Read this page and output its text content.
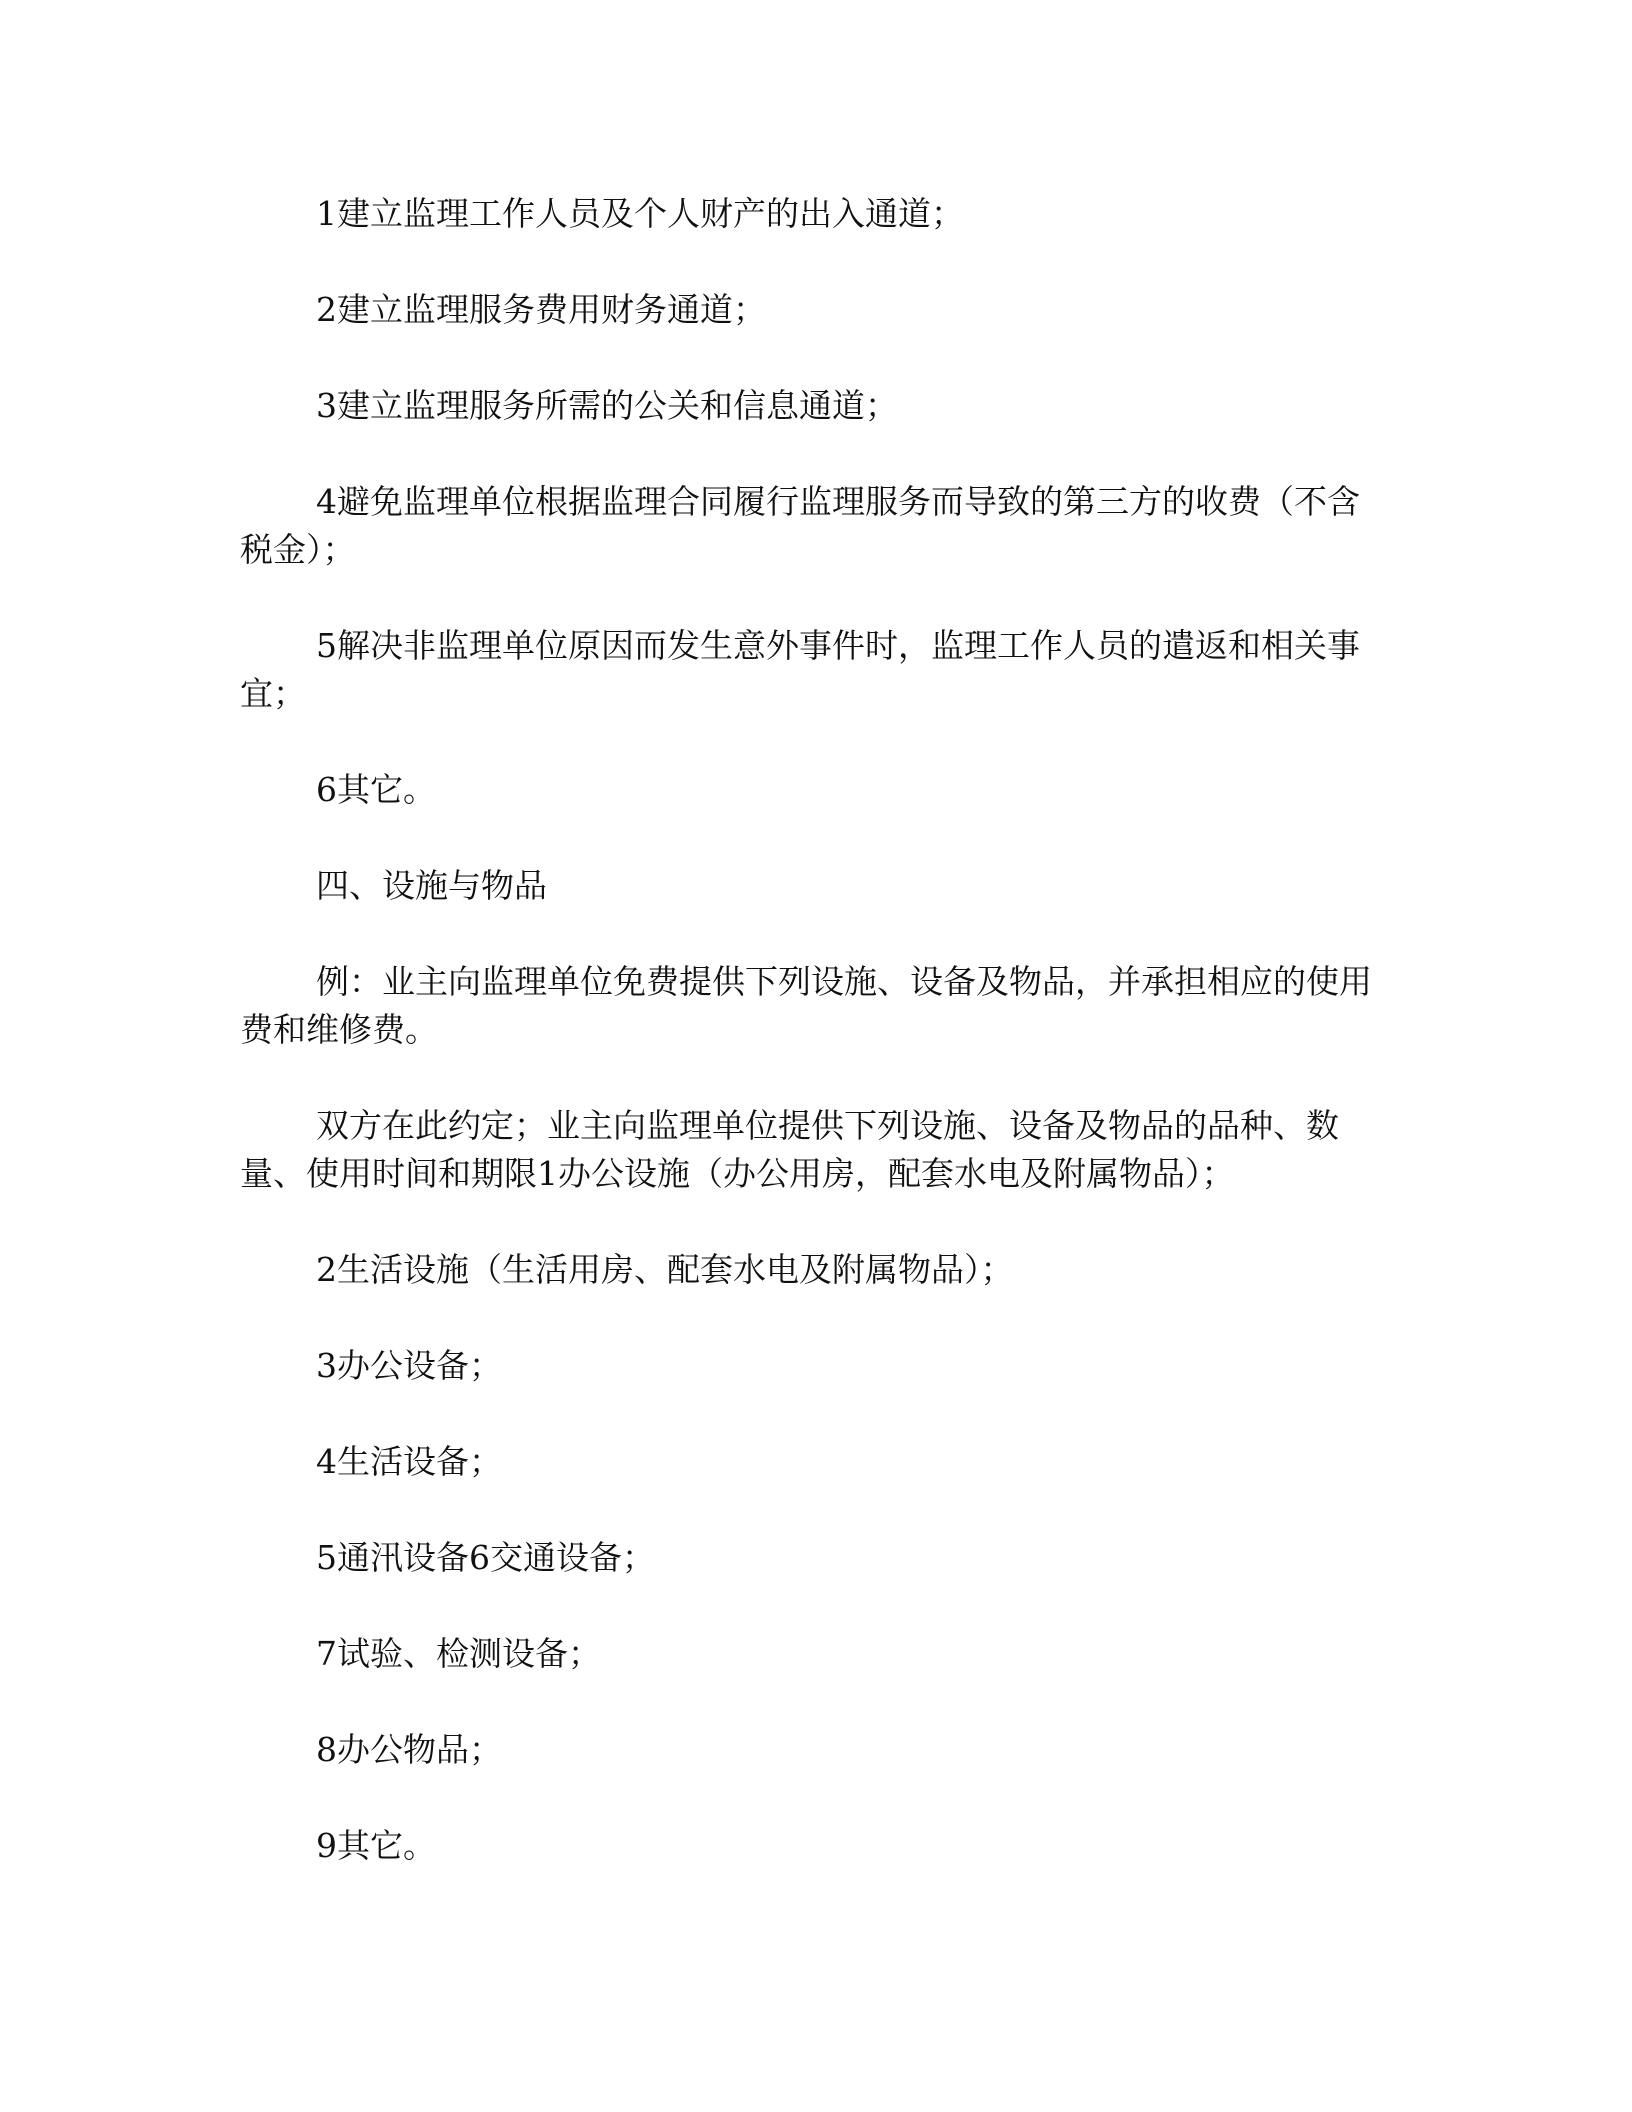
1建立监理工作人员及个人财产的出入通道；

2建立监理服务费用财务通道；

3建立监理服务所需的公关和信息通道；

4避免监理单位根据监理合同履行监理服务而导致的第三方的收费（不含税金）；

5解决非监理单位原因而发生意外事件时，监理工作人员的遣返和相关事宜；

6其它。

四、设施与物品

例：业主向监理单位免费提供下列设施、设备及物品，并承担相应的使用费和维修费。

双方在此约定；业主向监理单位提供下列设施、设备及物品的品种、数量、使用时间和期限1办公设施（办公用房，配套水电及附属物品）；

2生活设施（生活用房、配套水电及附属物品）；

3办公设备；

4生活设备；

5通汛设备6交通设备；

7试验、检测设备；

8办公物品；

9其它。
